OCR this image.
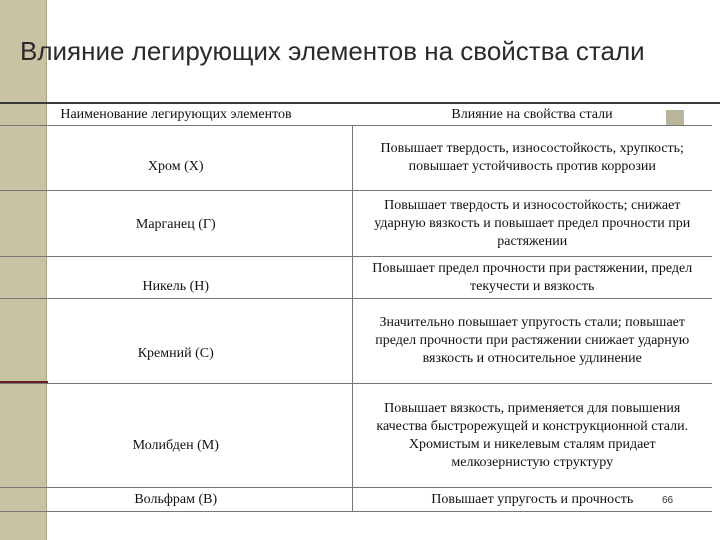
Влияние легирующих элементов на свойства стали
Наименование легирующих элементов	Влияние на свойства стали
Хром (Х)	Повышает твердость, износостойкость, хрупкость; повышает устойчивость против коррозии
Марганец (Г)	Повышает твердость и износостойкость; снижает ударную вязкость и повышает предел прочности при растяжении
Никель (Н)	Повышает предел прочности при растяжении, предел текучести и вязкость
Кремний (С)	Значительно повышает упругость стали; повышает предел прочности при растяжении снижает ударную вязкость и относительное удлинение
Молибден (М)	Повышает вязкость, применяется для повышения качества быстрорежущей и конструкционной стали. Хромистым и никелевым сталям придает мелкозернистую структуру
Вольфрам (В)	Повышает упругость и прочность	66
